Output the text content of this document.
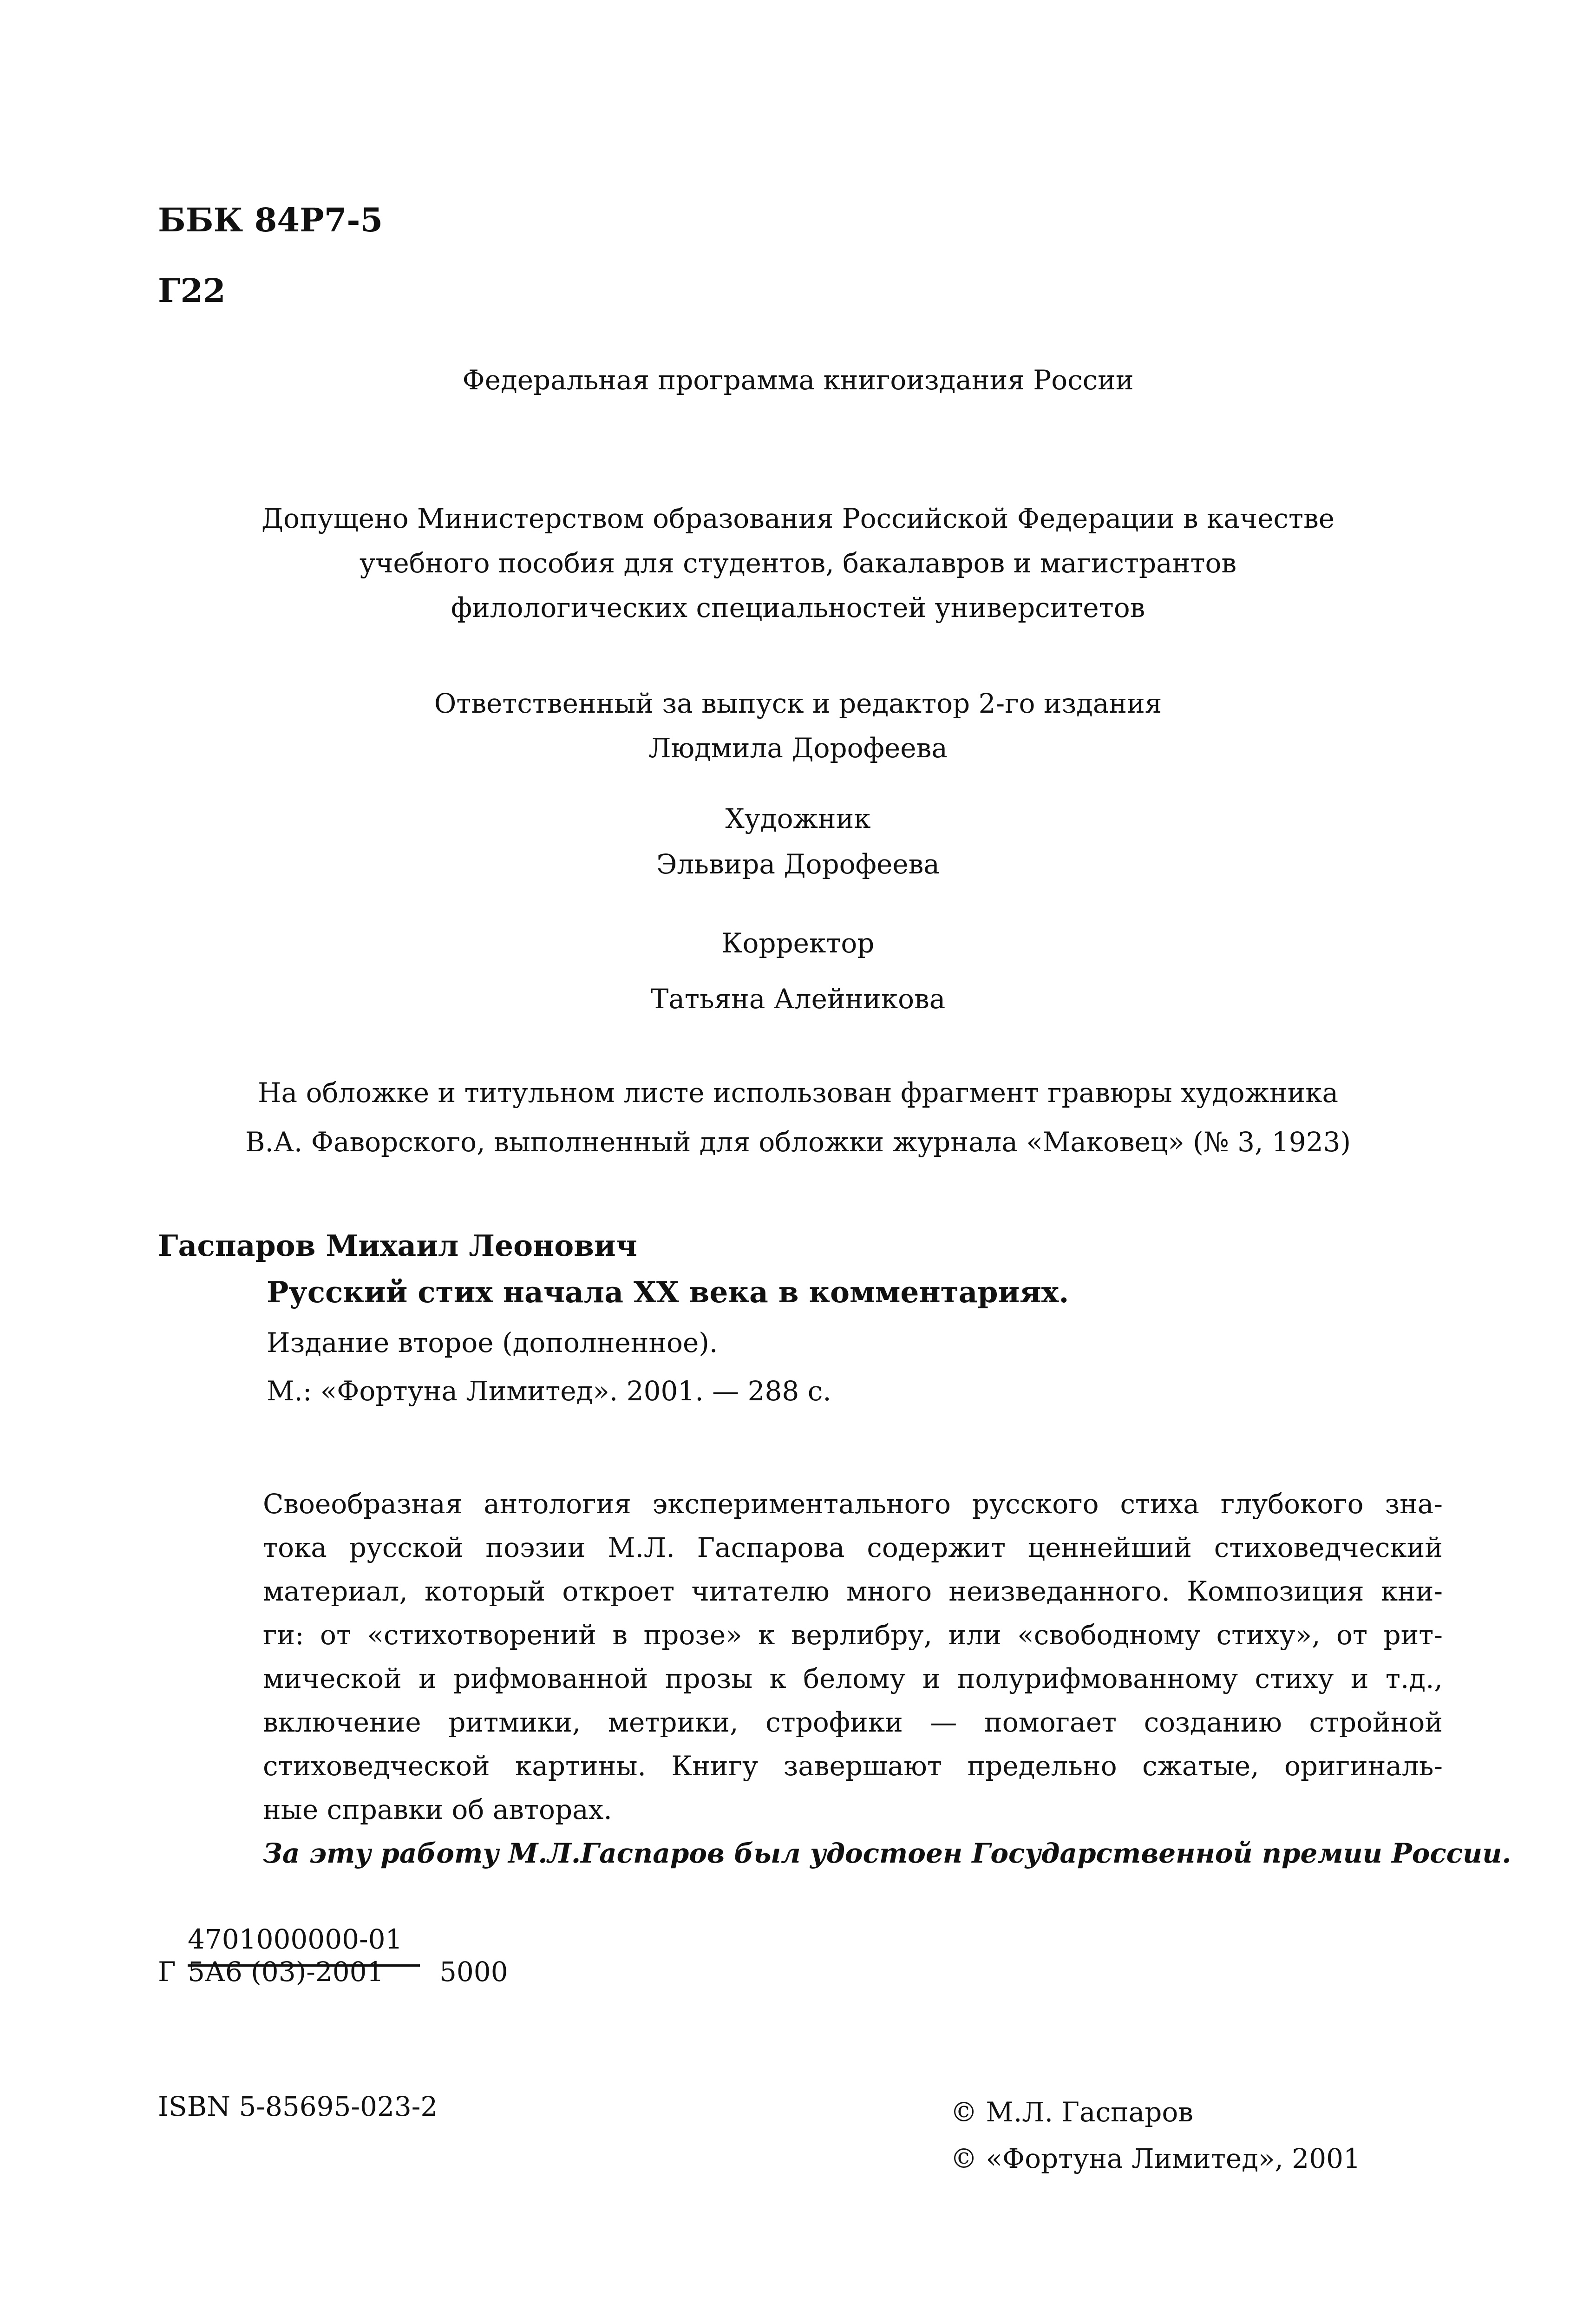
ББК 84Р7-5
Г22
Федеральная программа книгоиздания России
Допущено Министерством образования Российской Федерации в качестве
учебного пособия для студентов, бакалавров и магистрантов
филологических специальностей университетов
Ответственный за выпуск и редактор 2-го издания
Людмила Дорофеева
Художник
Эльвира Дорофеева
Корректор
Татьяна Алейникова
На обложке и титульном листе использован фрагмент гравюры художника
В.А. Фаворского, выполненный для обложки журнала «Маковец» (№ 3, 1923)
Гаспаров Михаил Леонович
Русский стих начала XX века в комментариях.
Издание второе (дополненное).
М.: «Фортуна Лимитед». 2001. — 288 с.
Своеобразная антология экспериментального русского стиха глубокого зна-
тока русской поэзии М.Л. Гаспарова содержит ценнейший стиховедческий
материал, который откроет читателю много неизведанного. Композиция кни-
ги: от «стихотворений в прозе» к верлибру, или «свободному стиху», от рит-
мической и рифмованной прозы к белому и полурифмованному стиху и т.д.,
включение ритмики, метрики, строфики — помогает созданию стройной
стиховедческой картины. Книгу завершают предельно сжатые, оригиналь-
ные справки об авторах.
За эту работу М.Л.Гаспаров был удостоен Государственной премии России.
Г
4701000000-01
5А6 (03)-2001 5000
ISBN 5-85695-023-2	© М.Л. Гаспаров
© «Фортуна Лимитед», 2001
